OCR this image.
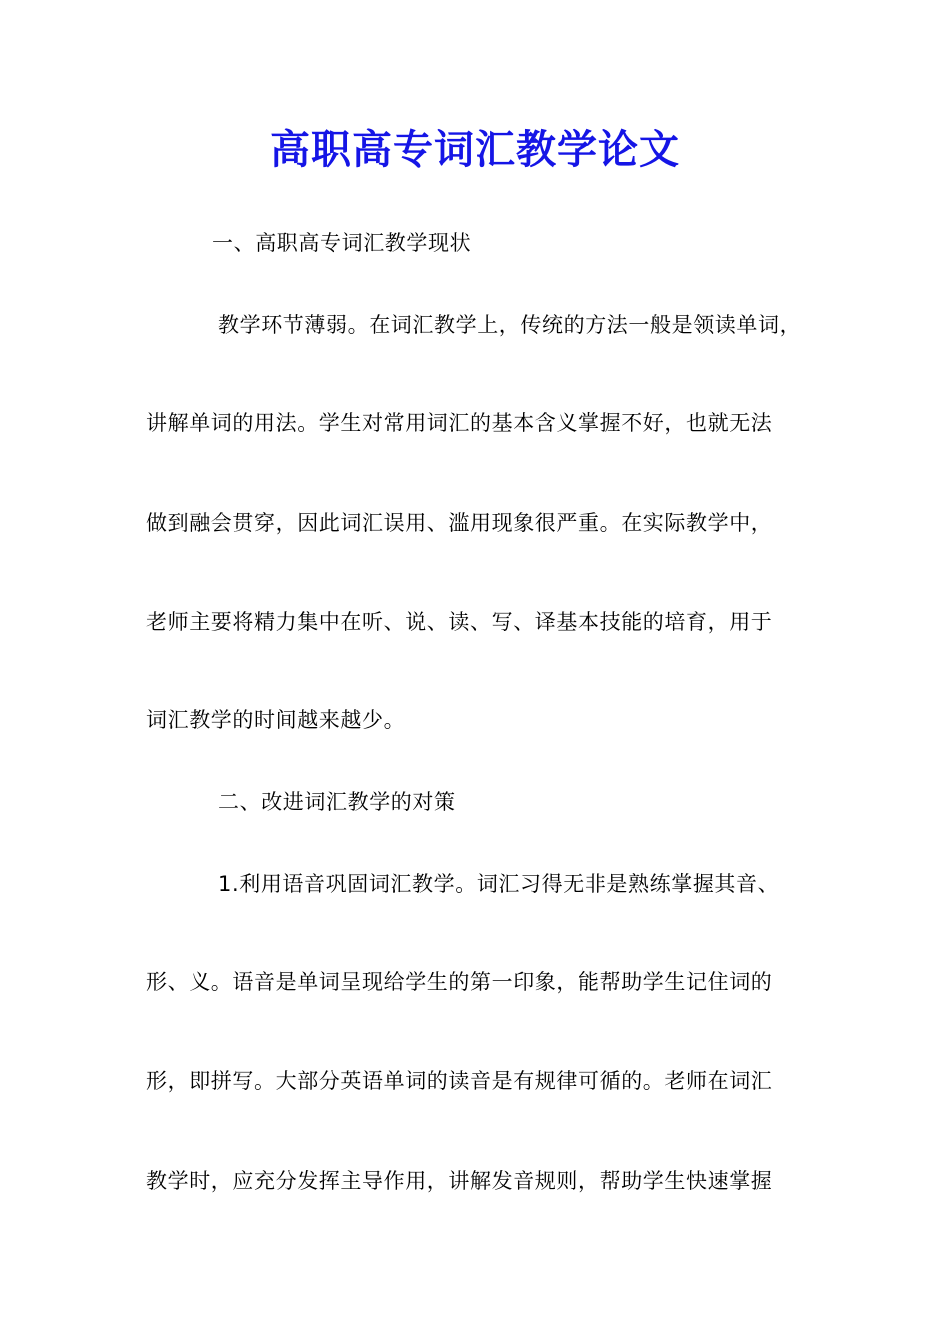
高职高专词汇教学论文
一、高职高专词汇教学现状
教学环节薄弱。在词汇教学上，传统的方法一般是领读单词，
讲解单词的用法。学生对常用词汇的基本含义掌握不好，也就无法
做到融会贯穿，因此词汇误用、滥用现象很严重。在实际教学中，
老师主要将精力集中在听、说、读、写、译基本技能的培育，用于
词汇教学的时间越来越少。
二、改进词汇教学的对策
1.利用语音巩固词汇教学。词汇习得无非是熟练掌握其音、
形、义。语音是单词呈现给学生的第一印象，能帮助学生记住词的
形，即拼写。大部分英语单词的读音是有规律可循的。老师在词汇
教学时，应充分发挥主导作用，讲解发音规则，帮助学生快速掌握
